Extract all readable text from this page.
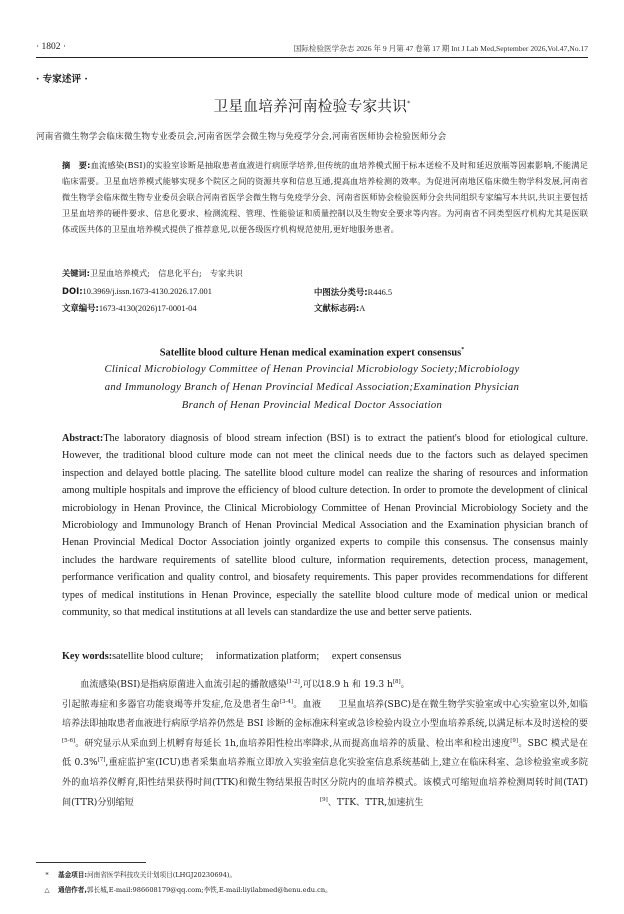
· 1802 ·	国际检验医学杂志 2026 年 9 月第 47 卷第 17 期 Int J Lab Med,September 2026,Vol.47,No.17
· 专家述评 ·
卫星血培养河南检验专家共识*
河南省微生物学会临床微生物专业委员会,河南省医学会微生物与免疫学分会,河南省医师协会检验医师分会
摘　要:血流感染(BSI)的实验室诊断是抽取患者血液进行病原学培养,但传统的血培养模式囿于标本送检不及时和延迟放瓶等因素影响,不能满足临床需要。卫星血培养模式能够实现多个院区之间的资源共享和信息互通,提高血培养检测的效率。为促进河南地区临床微生物学科发展,河南省微生物学会临床微生物专业委员会联合河南省医学会微生物与免疫学分会、河南省医师协会检验医师分会共同组织专家编写本共识,共识主要包括卫星血培养的硬件要求、信息化要求、检测流程、管理、性能验证和质量控制以及生物安全要求等内容。为河南省不同类型医疗机构尤其是医联体或医共体的卫星血培养模式提供了推荐意见,以便各级医疗机构规范使用,更好地服务患者。
关键词:卫星血培养模式;　信息化平台;　专家共识
DOI:10.3969/j.issn.1673-4130.2026.17.001	中图法分类号:R446.5
文章编号:1673-4130(2026)17-0001-04	文献标志码:A
Satellite blood culture Henan medical examination expert consensus*
Clinical Microbiology Committee of Henan Provincial Microbiology Society;Microbiology
and Immunology Branch of Henan Provincial Medical Association;Examination Physician
Branch of Henan Provincial Medical Doctor Association
Abstract:The laboratory diagnosis of blood stream infection (BSI) is to extract the patient's blood for etiological culture. However, the traditional blood culture mode can not meet the clinical needs due to the factors such as delayed specimen inspection and delayed bottle placing. The satellite blood culture model can realize the sharing of resources and information among multiple hospitals and improve the efficiency of blood culture detection. In order to promote the development of clinical microbiology in Henan Province, the Clinical Microbiology Committee of Henan Provincial Microbiology Society and the Microbiology and Immunology Branch of Henan Provincial Medical Association and the Examination physician branch of Henan Provincial Medical Doctor Association jointly organized experts to compile this consensus. The consensus mainly includes the hardware requirements of satellite blood culture, information requirements, detection process, management, performance verification and quality control, and biosafety requirements. This paper provides recommendations for different types of medical institutions in Henan Province, especially the satellite blood culture mode of medical union or medical community, so that medical institutions at all levels can standardize the use and better serve patients.
Key words:satellite blood culture;　 informatization platform;　 expert consensus

血流感染(BSI)是指病原菌进入血流引起的播散感染[1-2],可以引起脓毒症和多器官功能衰竭等并发症,危及患者生命[3-4]。血液培养法即抽取患者血液进行病原学培养仍然是 BSI 诊断的金标准[5-6]。研究显示从采血到上机孵育每延长 1h,血培养阳性检出率降低 0.3%[7],重症监护室(ICU)患者采集血培养瓶立即放入实验室外的血培养仪孵育,阳性结果获得时间(TTK)和微生物结果报告时间(TTR)分别缩短

18.9 h 和 19.3 h[8]。

卫星血培养(SBC)是在微生物学实验室或中心实验室以外,如临床科室或急诊检验内设立小型血培养系统,以满足标本及时送检的要求,从而提高血培养的质量、检出率和检出速度[9]。SBC 模式是在信息化实验室信息系统基础上,建立在临床科室、急诊检验室或多院区分院内的血培养模式。该模式可缩短血培养检测周转时间(TAT)[9]、TTK、TTR,加速抗生

* 基金项目:河南省医学科技攻关计划项目(LHGJ20230694)。
△ 通信作者,郭长城,E-mail:986608179@qq.com;李铁,E-mail:liyilabmed@henu.edu.cn。
